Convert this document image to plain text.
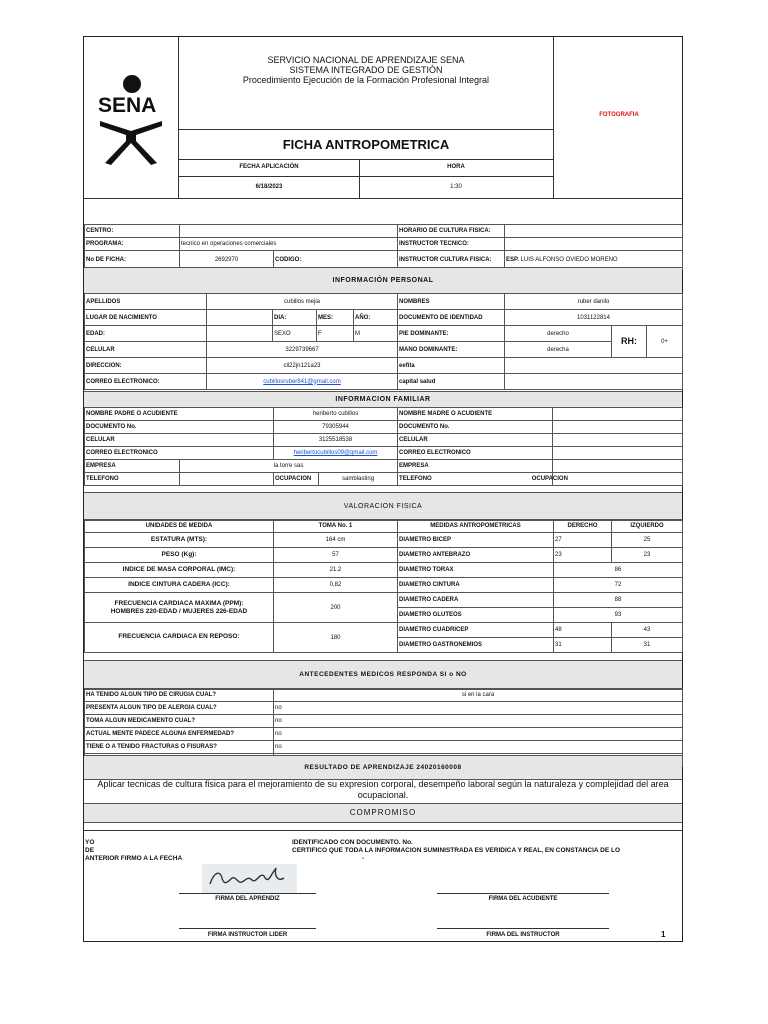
SENA
SERVICIO NACIONAL DE APRENDIZAJE SENA
SISTEMA INTEGRADO DE GESTIÓN
Procedimiento Ejecución de la Formación Profesional Integral
FOTOGRAFIA
FICHA ANTROPOMETRICA
FECHA APLICACIÓN	HORA
6/18/2023	1:30
CENTRO:			HORARIO DE CULTURA FISICA:	
PROGRAMA:	tecnico en operaciones comerciales		INSTRUCTOR TECNICO:	
No DE FICHA:	2692970	CODIGO:	INSTRUCTOR CULTURA FISICA:	ESP. LUIS ALFONSO OVIEDO MORENO
INFORMACIÓN PERSONAL
APELLIDOS	cubillos mejia				NOMBRES	ruber danilo		
LUGAR DE NACIMIENTO		DIA:	MES:	AÑO:	DOCUMENTO DE IDENTIDAD	1031122814		
EDAD:		SEXO	F	M	PIE DOMINANTE:	derecho	RH:	0+
CELULAR	3229739667				MANO DOMINANTE:	derecha		
DIRECCION:	cll22jn121a23				eefita			
CORREO ELECTRONICO:	cubillosruber841@gmail.com				capital salud			
INFORMACION FAMILIAR
NOMBRE PADRE O ACUDIENTE		heriberto cubillos		NOMBRE MADRE O ACUDIENTE	
DOCUMENTO No.		79305944		DOCUMENTO No.	
CELULAR		3125518538		CELULAR	
CORREO ELECTRONICO		heribertocubillos09@gmail.com		CORREO ELECTRONICO	
EMPRESA	la torre sas			EMPRESA	
TELEFONO		OCUPACION	samblasting	TELEFONO OCUPACION	
VALORACION FISICA
UNIDADES DE MEDIDA	TOMA No. 1	MEDIDAS ANTROPOMETRICAS	DERECHO	IZQUIERDO
ESTATURA (MTS):	164 cm	DIAMETRO BICEP	27	25
PESO (Kg):	57	DIAMETRO ANTEBRAZO	23	23
INDICE DE MASA CORPORAL (IMC):	21.2	DIAMETRO TORAX	86	
INDICE CINTURA CADERA (ICC):	0.82	DIAMETRO CINTURA	72	
FRECUENCIA CARDIACA MAXIMA (PPM):
HOMBRES 220-EDAD / MUJERES 226-EDAD	200	DIAMETRO CADERA	88	
		DIAMETRO GLUTEOS	93	
FRECUENCIA CARDIACA EN REPOSO:	180	DIAMETRO CUADRICEP	48	43
		DIAMETRO GASTRONEMIOS	31	31
ANTECEDENTES MEDICOS RESPONDA SI o NO
HA TENIDO ALGUN TIPO DE CIRUGIA CUAL?	si en la cara
PRESENTA ALGUN TIPO DE ALERGIA CUAL?	no
TOMA ALGUN MEDICAMENTO CUAL?	no
ACTUAL MENTE PADECE ALGUNA ENFERMEDAD?	no
TIENE O A TENIDO FRACTURAS O FISURAS?	no

RESULTADO DE APRENDIZAJE 24020160008
Aplicar tecnicas de cultura fisica para el mejoramiento de su expresion corporal, desempeño laboral según la naturaleza y complejidad del area ocupacional.
COMPROMISO
YO
DE
ANTERIOR FIRMO A LA FECHA
IDENTIFICADO CON DOCUMENTO. No.
CERTIFICO QUE TODA LA INFORMACION SUMINISTRADA ES VERIDICA Y REAL, EN CONSTANCIA DE LO
-
FIRMA DEL APRENDIZ	FIRMA DEL ACUDIENTE
FIRMA INSTRUCTOR LIDER	FIRMA DEL INSTRUCTOR	1
